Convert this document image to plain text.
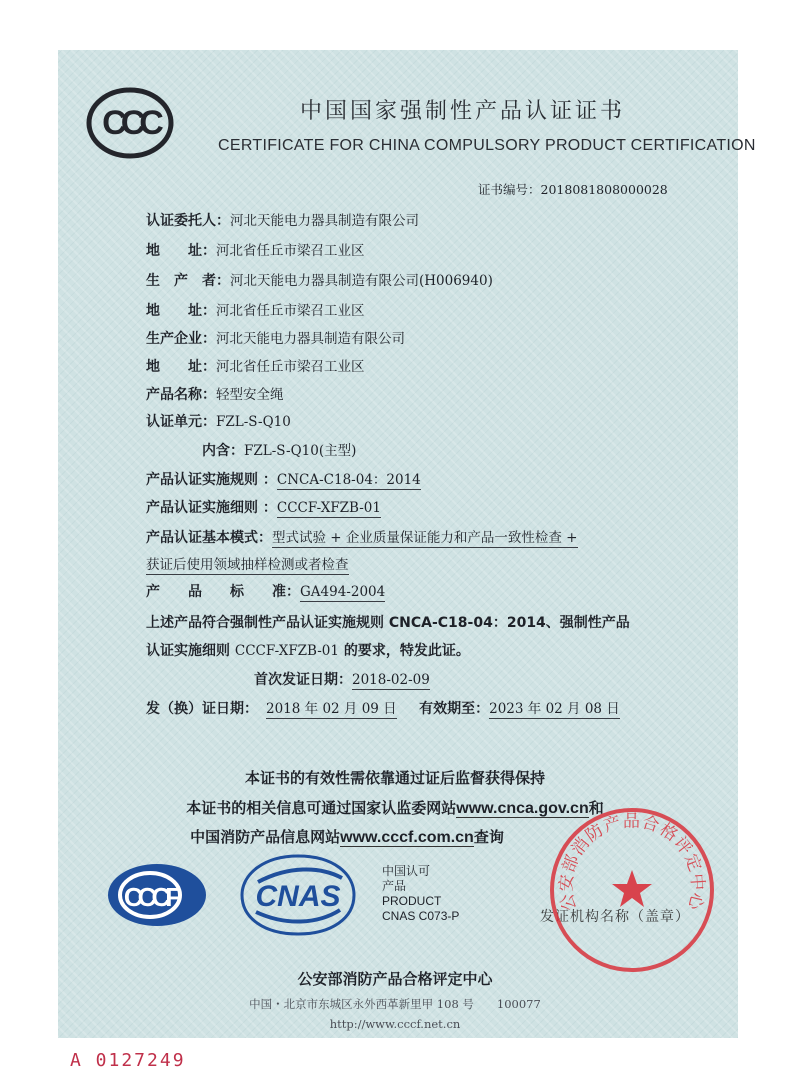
CCC	中国国家强制性产品认证证书
CERTIFICATE FOR CHINA COMPULSORY PRODUCT CERTIFICATION
证书编号：2018081808000028
认证委托人：河北天能电力器具制造有限公司
地　　址：河北省任丘市梁召工业区
生　产　者：河北天能电力器具制造有限公司(H006940)
地　　址：河北省任丘市梁召工业区
生产企业：河北天能电力器具制造有限公司
地　　址：河北省任丘市梁召工业区
产品名称：轻型安全绳
认证单元：FZL-S-Q10
内含：FZL-S-Q10(主型)
产品认证实施规则 ：CNCA-C18-04：2014
产品认证实施细则 ：CCCF-XFZB-01
产品认证基本模式：型式试验 + 企业质量保证能力和产品一致性检查 +
获证后使用领域抽样检测或者检查
产　　品　　标　　准：GA494-2004
上述产品符合强制性产品认证实施规则 CNCA-C18-04：2014、强制性产品
认证实施细则 CCCF-XFZB-01 的要求，特发此证。
首次发证日期：2018-02-09
发（换）证日期： 2018 年 02 月 09 日 有效期至：2023 年 02 月 08 日
本证书的有效性需依靠通过证后监督获得保持
本证书的相关信息可通过国家认监委网站www.cnca.gov.cn和
中国消防产品信息网站www.cccf.com.cn查询
CCCF	CNAS
中国认可
产品
PRODUCT
CNAS C073-P	发证机构名称（盖章）
公安部消防产品合格评定中心
公安部消防产品合格评定中心
中国・北京市东城区永外西革新里甲 108 号　　100077
http://www.cccf.net.cn
A 0127249
